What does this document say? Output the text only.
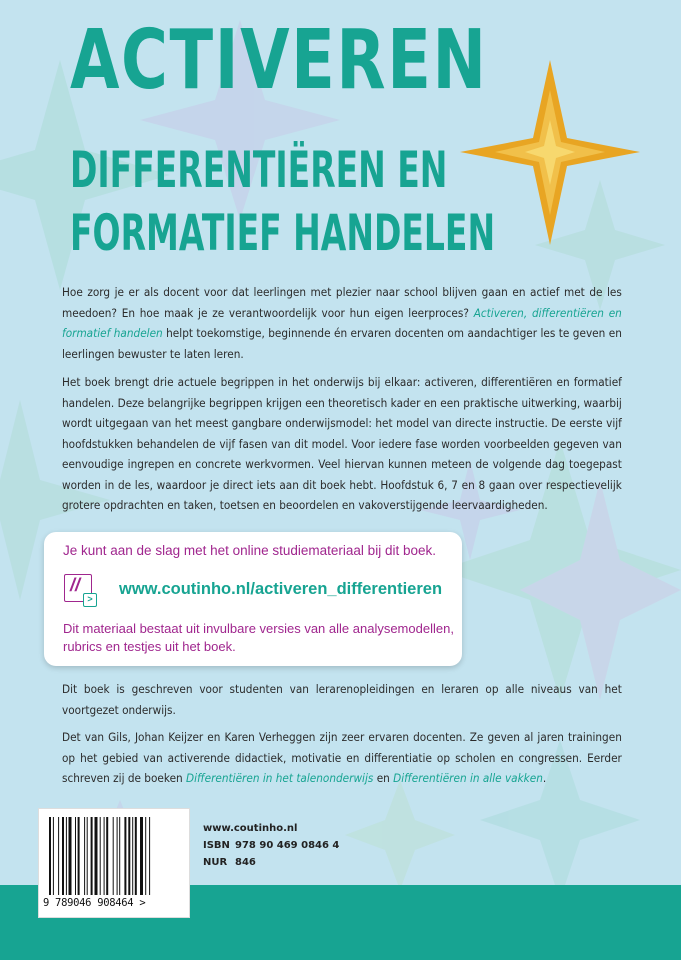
ACTIVEREN
DIFFERENTIËREN EN
FORMATIEF HANDELEN
Hoe zorg je er als docent voor dat leerlingen met plezier naar school blijven gaan en actief met de les meedoen? En hoe maak je ze verantwoordelijk voor hun eigen leerproces? Activeren, differentiëren en formatief handelen helpt toekomstige, beginnende én ervaren docenten om aandachtiger les te geven en leerlingen bewuster te laten leren.
Het boek brengt drie actuele begrippen in het onderwijs bij elkaar: activeren, differentiëren en formatief handelen. Deze belangrijke begrippen krijgen een theoretisch kader en een praktische uitwerking, waarbij wordt uitgegaan van het meest gangbare onderwijsmodel: het model van directe instructie. De eerste vijf hoofdstukken behandelen de vijf fasen van dit model. Voor iedere fase worden voorbeelden gegeven van eenvoudige ingrepen en concrete werkvormen. Veel hiervan kunnen meteen de volgende dag toegepast worden in de les, waardoor je direct iets aan dit boek hebt. Hoofdstuk 6, 7 en 8 gaan over respectievelijk grotere opdrachten en taken, toetsen en beoordelen en vakoverstijgende leervaardigheden.
Je kunt aan de slag met het online studiemateriaal bij dit boek.
//
>
www.coutinho.nl/activeren_differentieren
Dit materiaal bestaat uit invulbare versies van alle analysemodellen, rubrics en testjes uit het boek.
Dit boek is geschreven voor studenten van lerarenopleidingen en leraren op alle niveaus van het voortgezet onderwijs.
Det van Gils, Johan Keijzer en Karen Verheggen zijn zeer ervaren docenten. Ze geven al jaren trainingen op het gebied van activerende didactiek, motivatie en differentiatie op scholen en congressen. Eerder schreven zij de boeken Differentiëren in het talenonderwijs en Differentiëren in alle vakken.
9 789046 908464 >
www.coutinho.nl
ISBN 978 90 469 0846 4
NUR 846
